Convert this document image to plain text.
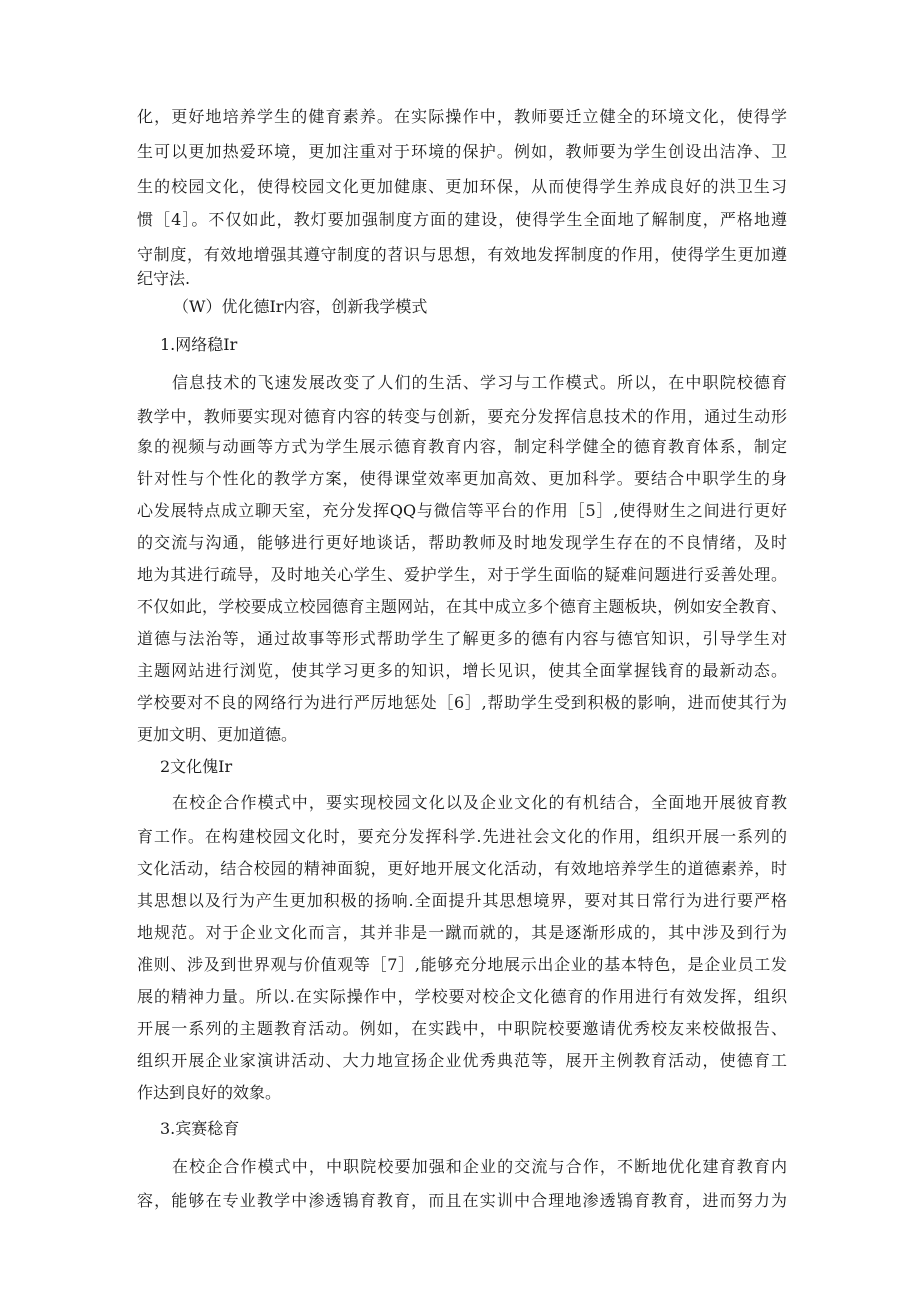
化，更好地培养学生的健育素养。在实际操作中，教师要迁立健全的环境文化，使得学
生可以更加热爱环境，更加注重对于环境的保护。例如，教师要为学生创设出洁净、卫
生的校园文化，使得校园文化更加健康、更加环保，从而使得学生养成良好的洪卫生习
惯［4］。不仅如此，教灯要加强制度方面的建设，使得学生全面地了解制度，严格地遵
守制度，有效地增强其遵守制度的苕识与思想，有效地发挥制度的作用，使得学生更加遵
纪守法.
（W）优化德Ir内容，创新我学模式
1.网络稳Ir
信息技术的飞速发展改变了人们的生活、学习与工作模式。所以，在中职院校德育
教学中，教师要实现对德育内容的转变与创新，要充分发挥信息技术的作用，通过生动形
象的视频与动画等方式为学生展示德育教育内容，制定科学健全的德育教育体系，制定
针对性与个性化的教学方案，使得课堂效率更加高效、更加科学。要结合中职学生的身
心发展特点成立聊天室，充分发挥QQ与微信等平台的作用［5］,使得财生之间进行更好
的交流与沟通，能够进行更好地谈话，帮助教师及时地发现学生存在的不良情绪，及时
地为其进行疏导，及时地关心学生、爱护学生，对于学生面临的疑难问题进行妥善处理。
不仅如此，学校要成立校园德育主题网站，在其中成立多个德育主题板块，例如安全教育、
道德与法治等，通过故事等形式帮助学生了解更多的德有内容与德官知识，引导学生对
主题网站进行浏览，使其学习更多的知识，增长见识，使其全面掌握钱育的最新动态。
学校要对不良的网络行为进行严厉地惩处［6］,帮助学生受到积极的影响，进而使其行为
更加文明、更加道德。
2文化傀Ir
在校企合作模式中，要实现校园文化以及企业文化的有机结合，全面地开展彼育教
育工作。在构建校园文化时，要充分发挥科学.先进社会文化的作用，组织开展一系列的
文化活动，结合校园的精神面貌，更好地开展文化活动，有效地培养学生的道德素养，时
其思想以及行为产生更加积极的扬响.全面提升其思想境界，要对其日常行为进行要严格
地规范。对于企业文化而言，其并非是一蹴而就的，其是逐渐形成的，其中涉及到行为
准则、涉及到世界观与价值观等［7］,能够充分地展示出企业的基本特色，是企业员工发
展的精神力量。所以.在实际操作中，学校要对校企文化德育的作用进行有效发挥，组织
开展一系列的主题教育活动。例如，在实践中，中职院校要邀请优秀校友来校做报告、
组织开展企业家演讲活动、大力地宣扬企业优秀典范等，展开主例教育活动，使德育工
作达到良好的效象。
3.宾赛稔育
在校企合作模式中，中职院校要加强和企业的交流与合作，不断地优化建育教育内
容，能够在专业教学中渗透鴇育教育，而且在实训中合理地渗透鴇育教育，进而努力为
